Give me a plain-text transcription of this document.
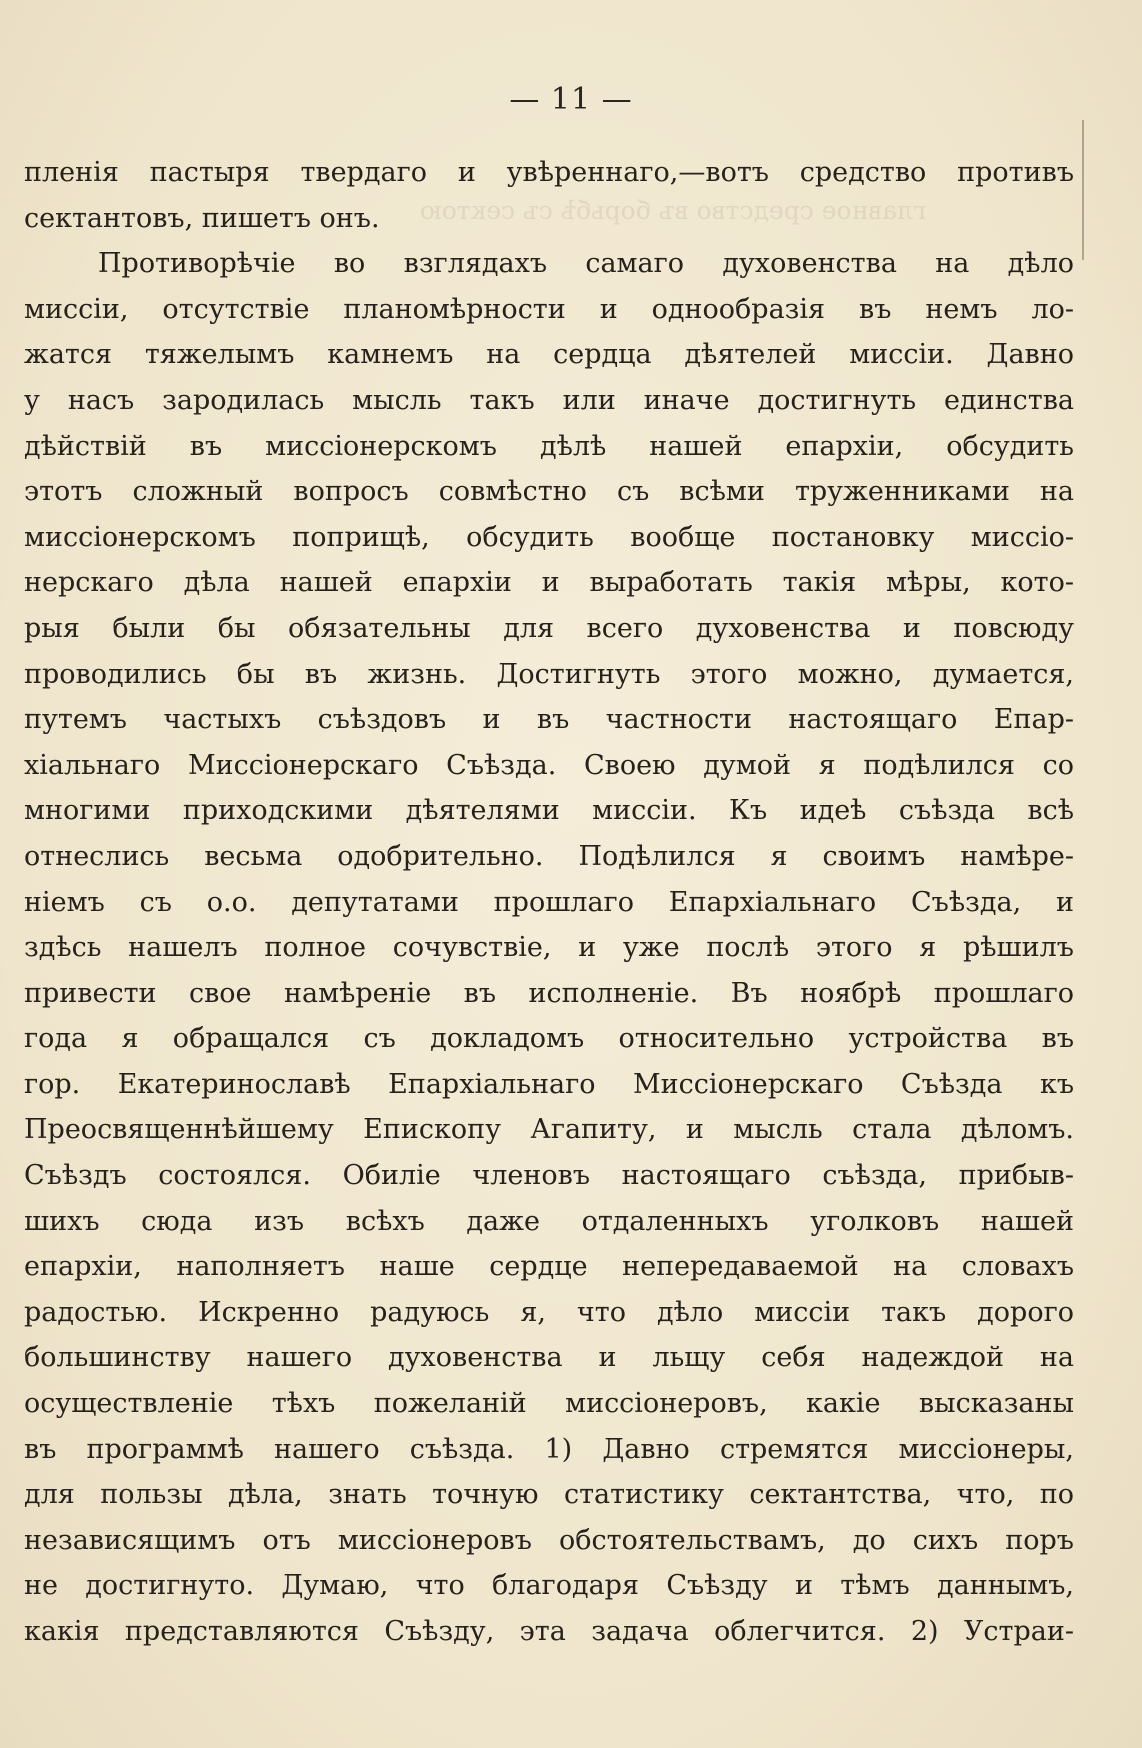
главное средство въ борьбѣ съ сектою
— 11 —
пленія пастыря твердаго и увѣреннаго,—вотъ средство противъ
сектантовъ, пишетъ онъ.
Противорѣчіе во взглядахъ самаго духовенства на дѣло
миссіи, отсутствіе планомѣрности и однообразія въ немъ ло-
жатся тяжелымъ камнемъ на сердца дѣятелей миссіи. Давно
у насъ зародилась мысль такъ или иначе достигнуть единства
дѣйствій въ миссіонерскомъ дѣлѣ нашей епархіи, обсудить
этотъ сложный вопросъ совмѣстно съ всѣми труженниками на
миссіонерскомъ поприщѣ, обсудить вообще постановку миссіо-
нерскаго дѣла нашей епархіи и выработать такія мѣры, кото-
рыя были бы обязательны для всего духовенства и повсюду
проводились бы въ жизнь. Достигнуть этого можно, думается,
путемъ частыхъ съѣздовъ и въ частности настоящаго Епар-
хіальнаго Миссіонерскаго Съѣзда. Своею думой я подѣлился со
многими приходскими дѣятелями миссіи. Къ идеѣ съѣзда всѣ
отнеслись весьма одобрительно. Подѣлился я своимъ намѣре-
ніемъ съ о.о. депутатами прошлаго Епархіальнаго Съѣзда, и
здѣсь нашелъ полное сочувствіе, и уже послѣ этого я рѣшилъ
привести свое намѣреніе въ исполненіе. Въ ноябрѣ прошлаго
года я обращался съ докладомъ относительно устройства въ
гор. Екатеринославѣ Епархіальнаго Миссіонерскаго Съѣзда къ
Преосвященнѣйшему Епископу Агапиту, и мысль стала дѣломъ.
Съѣздъ состоялся. Обиліе членовъ настоящаго съѣзда, прибыв-
шихъ сюда изъ всѣхъ даже отдаленныхъ уголковъ нашей
епархіи, наполняетъ наше сердце непередаваемой на словахъ
радостью. Искренно радуюсь я, что дѣло миссіи такъ дорого
большинству нашего духовенства и льщу себя надеждой на
осуществленіе тѣхъ пожеланій миссіонеровъ, какіе высказаны
въ программѣ нашего съѣзда. 1) Давно стремятся миссіонеры,
для пользы дѣла, знать точную статистику сектантства, что, по
независящимъ отъ миссіонеровъ обстоятельствамъ, до сихъ поръ
не достигнуто. Думаю, что благодаря Съѣзду и тѣмъ даннымъ,
какія представляются Съѣзду, эта задача облегчится. 2) Устраи-
